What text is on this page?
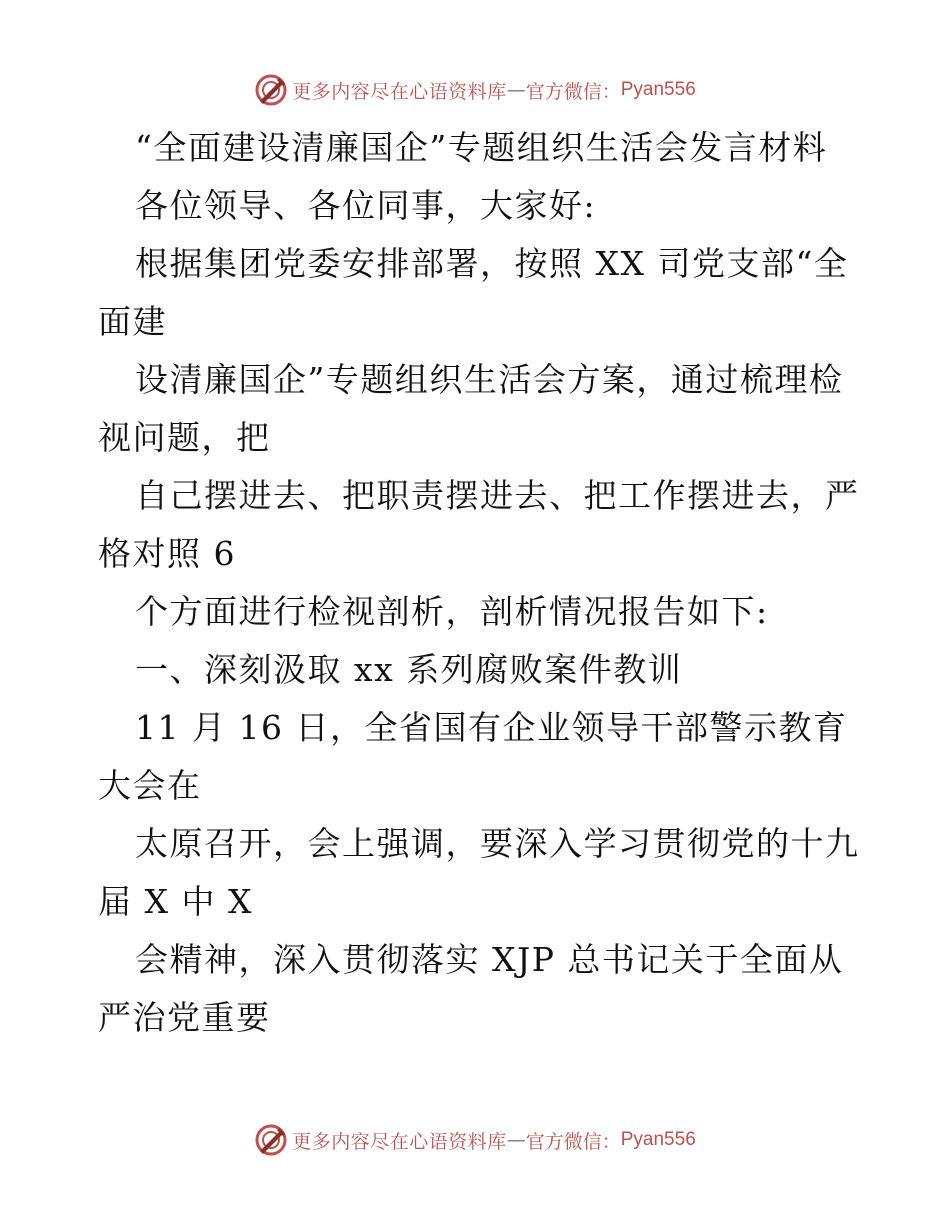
更多内容尽在心语资料库 — 官方微信： Pyan556
“全面建设清廉国企”专题组织生活会发言材料
各位领导、各位同事，大家好:
根据集团党委安排部署，按照 XX 司党支部“全
面建
设清廉国企”专题组织生活会方案，通过梳理检
视问题，把
自己摆进去、把职责摆进去、把工作摆进去，严
格对照 6
个方面进行检视剖析，剖析情况报告如下:
一、深刻汲取 xx 系列腐败案件教训
11 月 16 日，全省国有企业领导干部警示教育
大会在
太原召开，会上强调，要深入学习贯彻党的十九
届 X 中 X
会精神，深入贯彻落实 XJP 总书记关于全面从
严治党重要
更多内容尽在心语资料库 — 官方微信： Pyan556
